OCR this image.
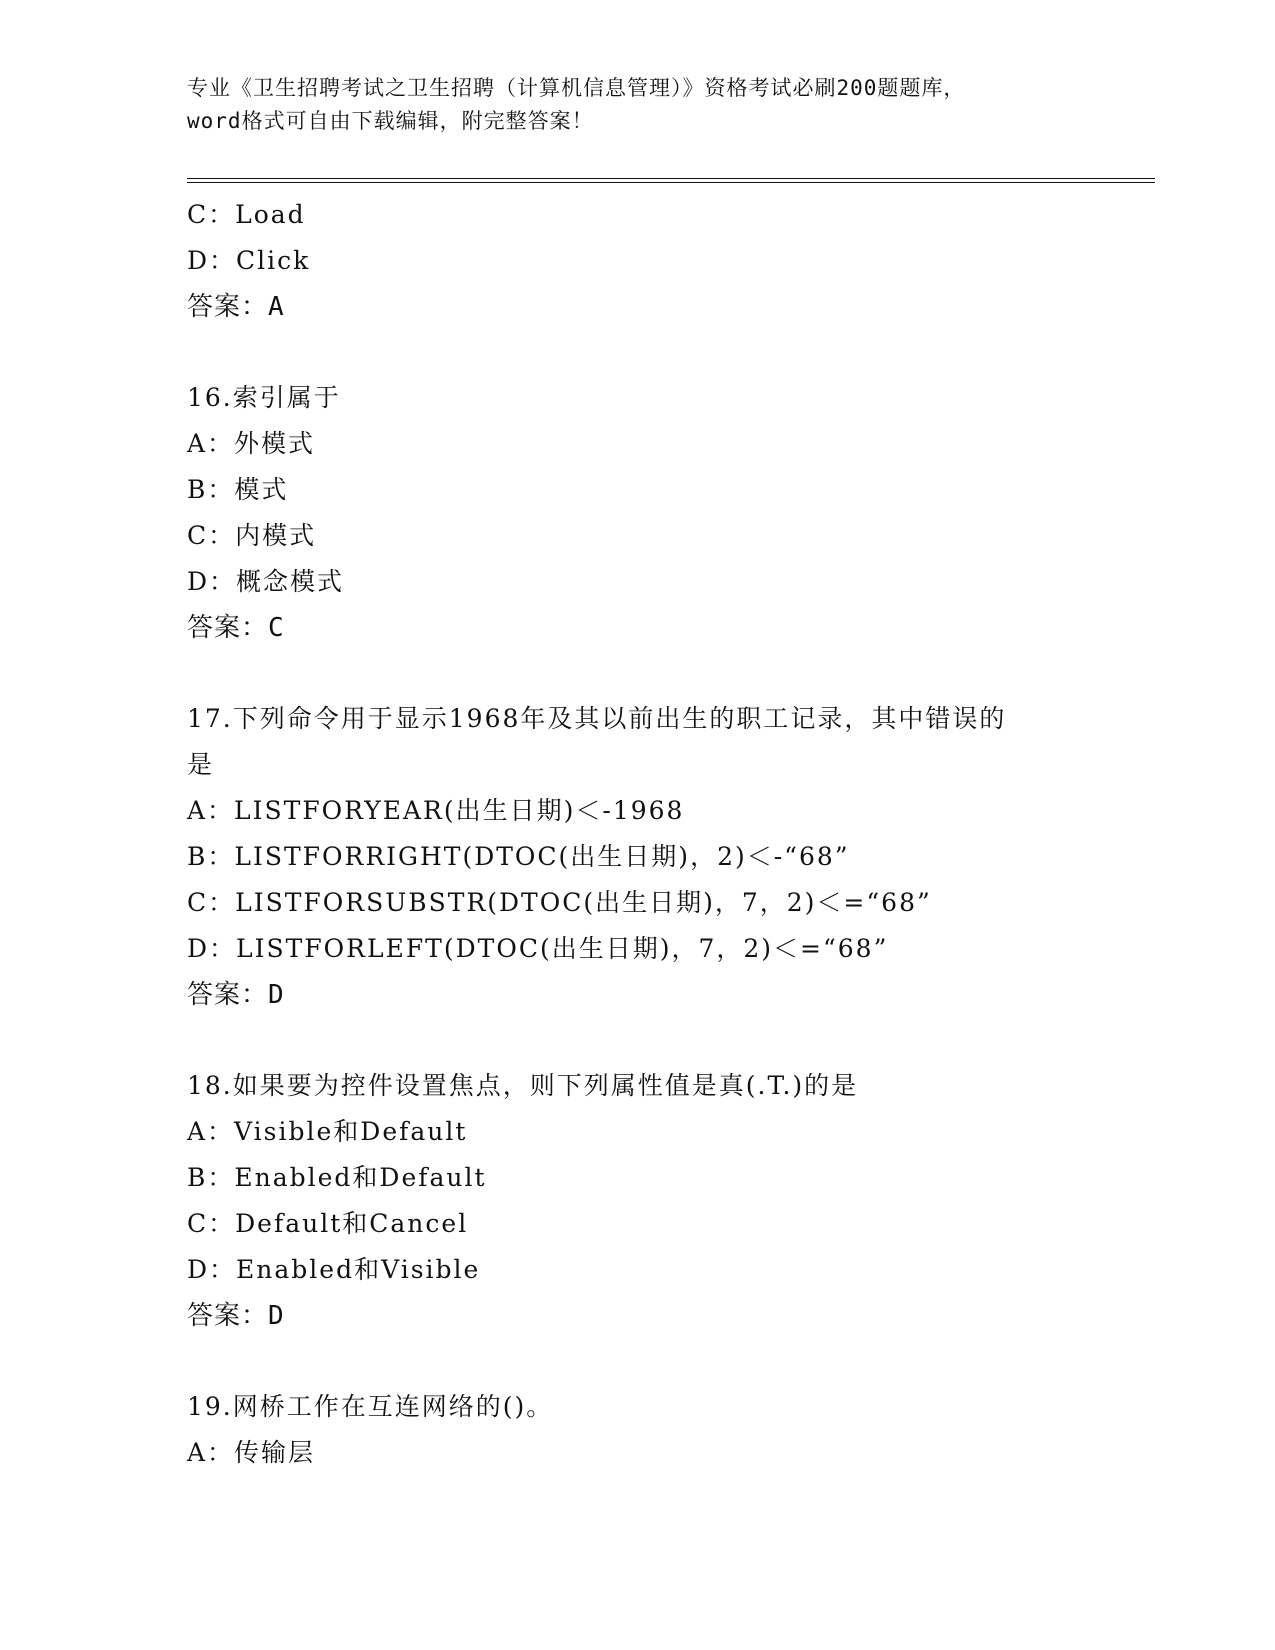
专业《卫生招聘考试之卫生招聘（计算机信息管理）》资格考试必刷200题题库，
word格式可自由下载编辑，附完整答案！
C：Load
D：Click
答案：A
16.索引属于
A：外模式
B：模式
C：内模式
D：概念模式
答案：C
17.下列命令用于显示1968年及其以前出生的职工记录，其中错误的
是
A：LISTFORYEAR(出生日期)＜-1968
B：LISTFORRIGHT(DTOC(出生日期)，2)＜-“68”
C：LISTFORSUBSTR(DTOC(出生日期)，7，2)＜=“68”
D：LISTFORLEFT(DTOC(出生日期)，7，2)＜=“68”
答案：D
18.如果要为控件设置焦点，则下列属性值是真(.T.)的是
A：Visible和Default
B：Enabled和Default
C：Default和Cancel
D：Enabled和Visible
答案：D
19.网桥工作在互连网络的()。
A：传输层
